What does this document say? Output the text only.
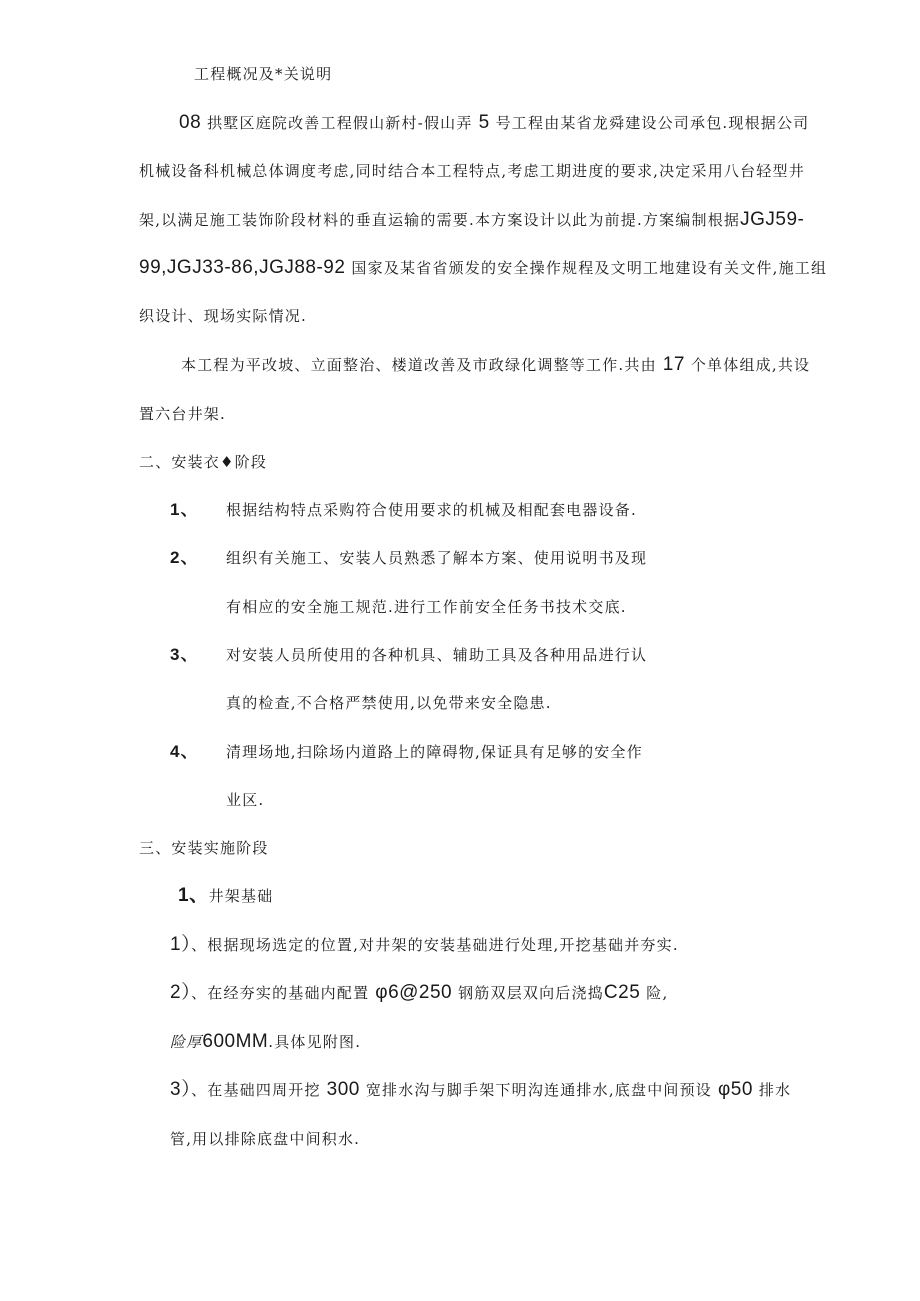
工程概况及*关说明
08 拱墅区庭院改善工程假山新村-假山弄 5 号工程由某省龙舜建设公司承包.现根据公司
机械设备科机械总体调度考虑,同时结合本工程特点,考虑工期进度的要求,决定采用八台轻型井
架,以满足施工装饰阶段材料的垂直运输的需要.本方案设计以此为前提.方案编制根据JGJ59-
99,JGJ33-86,JGJ88-92 国家及某省省颁发的安全操作规程及文明工地建设有关文件,施工组
织设计、现场实际情况.
本工程为平改坡、立面整治、楼道改善及市政绿化调整等工作.共由 17 个单体组成,共设
置六台井架.
二、安装衣♦阶段
1、 根据结构特点采购符合使用要求的机械及相配套电器设备.
2、 组织有关施工、安装人员熟悉了解本方案、使用说明书及现
有相应的安全施工规范.进行工作前安全任务书技术交底.
3、 对安装人员所使用的各种机具、辅助工具及各种用品进行认
真的检查,不合格严禁使用,以免带来安全隐患.
4、 清理场地,扫除场内道路上的障碍物,保证具有足够的安全作
业区.
三、安装实施阶段
1、井架基础
1）、根据现场选定的位置,对井架的安装基础进行处理,开挖基础并夯实.
2）、在经夯实的基础内配置 φ6@250 钢筋双层双向后浇捣C25 险,
险厚600MM.具体见附图.
3）、在基础四周开挖 300 宽排水沟与脚手架下明沟连通排水,底盘中间预设 φ50 排水
管,用以排除底盘中间积水.
